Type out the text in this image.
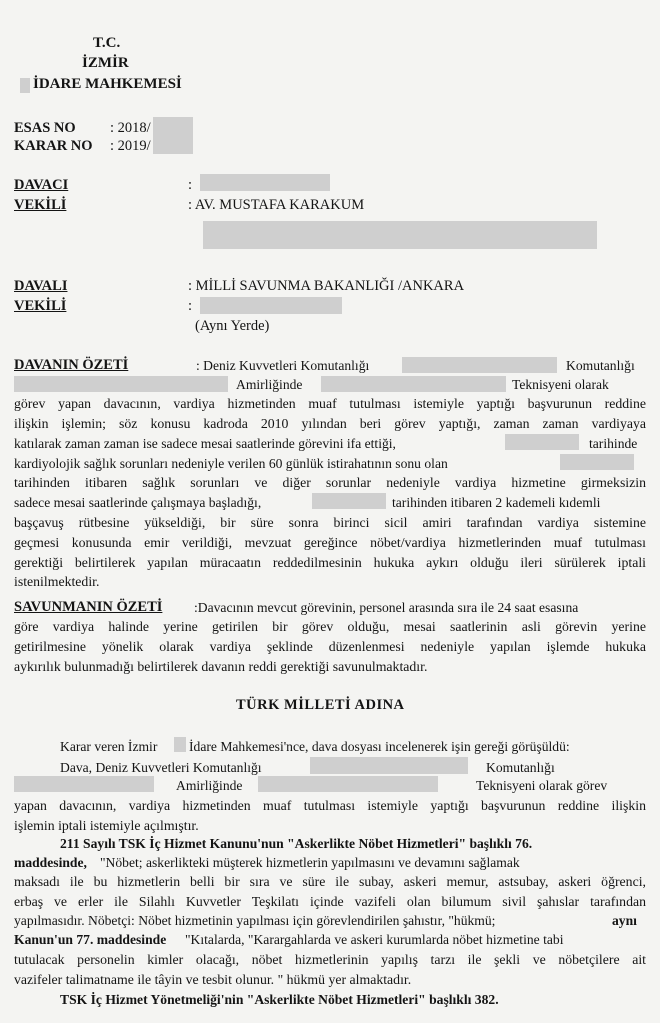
T.C.
İZMİR
İDARE MAHKEMESİ
ESAS NO : 2018/
KARAR NO : 2019/
DAVACI	:
VEKİLİ	: AV. MUSTAFA KARAKUM
DAVALI	: MİLLİ SAVUNMA BAKANLIĞI /ANKARA
VEKİLİ	:
(Aynı Yerde)
DAVANIN ÖZETİ	: Deniz Kuvvetleri Komutanlığı	Komutanlığı
Amirliğinde	Teknisyeni olarak
görev yapan davacının, vardiya hizmetinden muaf tutulması istemiyle yaptığı başvurunun reddine
ilişkin işlemin; söz konusu kadroda 2010 yılından beri görev yaptığı, zaman zaman vardiyaya
katılarak zaman zaman ise sadece mesai saatlerinde görevini ifa ettiği,	tarihinde
kardiyolojik sağlık sorunları nedeniyle verilen 60 günlük istirahatının sonu olan
tarihinden itibaren sağlık sorunları ve diğer sorunlar nedeniyle vardiya hizmetine girmeksizin
sadece mesai saatlerinde çalışmaya başladığı,	tarihinden itibaren 2 kademeli kıdemli
başçavuş rütbesine yükseldiği, bir süre sonra birinci sicil amiri tarafından vardiya sistemine
geçmesi konusunda emir verildiği, mevzuat gereğince nöbet/vardiya hizmetlerinden muaf tutulması
gerektiği belirtilerek yapılan müracaatın reddedilmesinin hukuka aykırı olduğu ileri sürülerek iptali
istenilmektedir.
SAVUNMANIN ÖZETİ :Davacının mevcut görevinin, personel arasında sıra ile 24 saat esasına
göre vardiya halinde yerine getirilen bir görev olduğu, mesai saatlerinin asli görevin yerine
getirilmesine yönelik olarak vardiya şeklinde düzenlenmesi nedeniyle yapılan işlemde hukuka
aykırılık bulunmadığı belirtilerek davanın reddi gerektiği savunulmaktadır.
TÜRK MİLLETİ ADINA
Karar veren İzmir İdare Mahkemesi'nce, dava dosyası incelenerek işin gereği görüşüldü:
Dava, Deniz Kuvvetleri Komutanlığı	Komutanlığı
Amirliğinde	Teknisyeni olarak görev
yapan davacının, vardiya hizmetinden muaf tutulması istemiyle yaptığı başvurunun reddine ilişkin
işlemin iptali istemiyle açılmıştır.
211 Sayılı TSK İç Hizmet Kanunu'nun "Askerlikte Nöbet Hizmetleri" başlıklı 76.
maddesinde, "Nöbet; askerlikteki müşterek hizmetlerin yapılmasını ve devamını sağlamak
maksadı ile bu hizmetlerin belli bir sıra ve süre ile subay, askeri memur, astsubay, askeri öğrenci,
erbaş ve erler ile Silahlı Kuvvetler Teşkilatı içinde vazifeli olan bilumum sivil şahıslar tarafından
yapılmasıdır. Nöbetçi: Nöbet hizmetinin yapılması için görevlendirilen şahıstır, "hükmü;	aynı
Kanun'un 77. maddesinde "Kıtalarda, "Karargahlarda ve askeri kurumlarda nöbet hizmetine tabi
tutulacak personelin kimler olacağı, nöbet hizmetlerinin yapılış tarzı ile şekli ve nöbetçilere ait
vazifeler talimatname ile tâyin ve tesbit olunur. " hükmü yer almaktadır.
TSK İç Hizmet Yönetmeliği'nin "Askerlikte Nöbet Hizmetleri" başlıklı 382.
